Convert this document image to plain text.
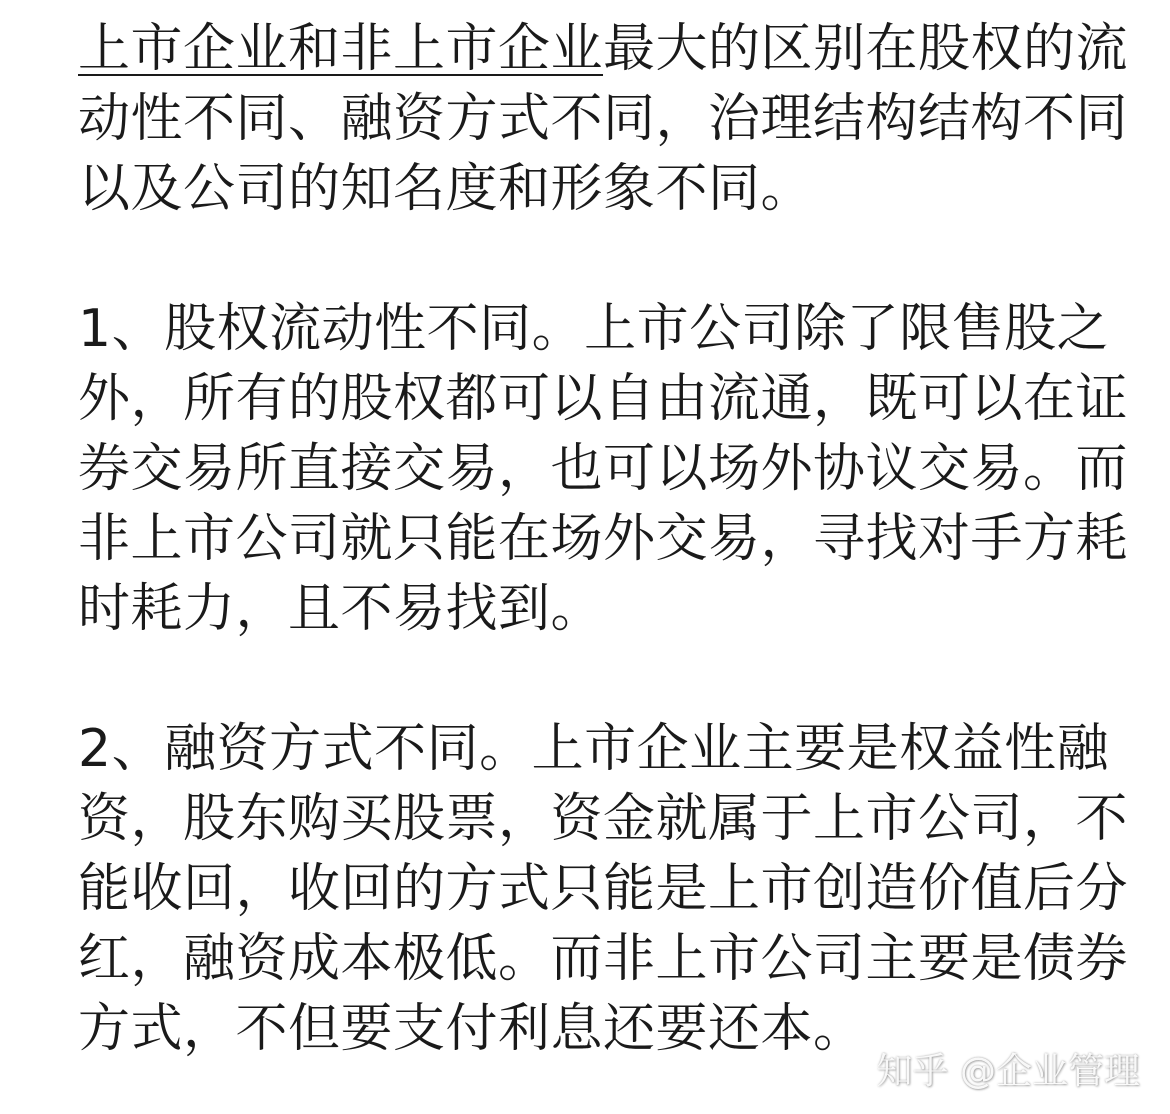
上市企业和非上市企业最大的区别在股权的流动性不同、融资方式不同，治理结构结构不同以及公司的知名度和形象不同。

1、股权流动性不同。上市公司除了限售股之外，所有的股权都可以自由流通，既可以在证券交易所直接交易，也可以场外协议交易。而非上市公司就只能在场外交易，寻找对手方耗时耗力，且不易找到。

2、融资方式不同。上市企业主要是权益性融资，股东购买股票，资金就属于上市公司，不能收回，收回的方式只能是上市创造价值后分红，融资成本极低。而非上市公司主要是债券方式，不但要支付利息还要还本。

知乎 @企业管理
